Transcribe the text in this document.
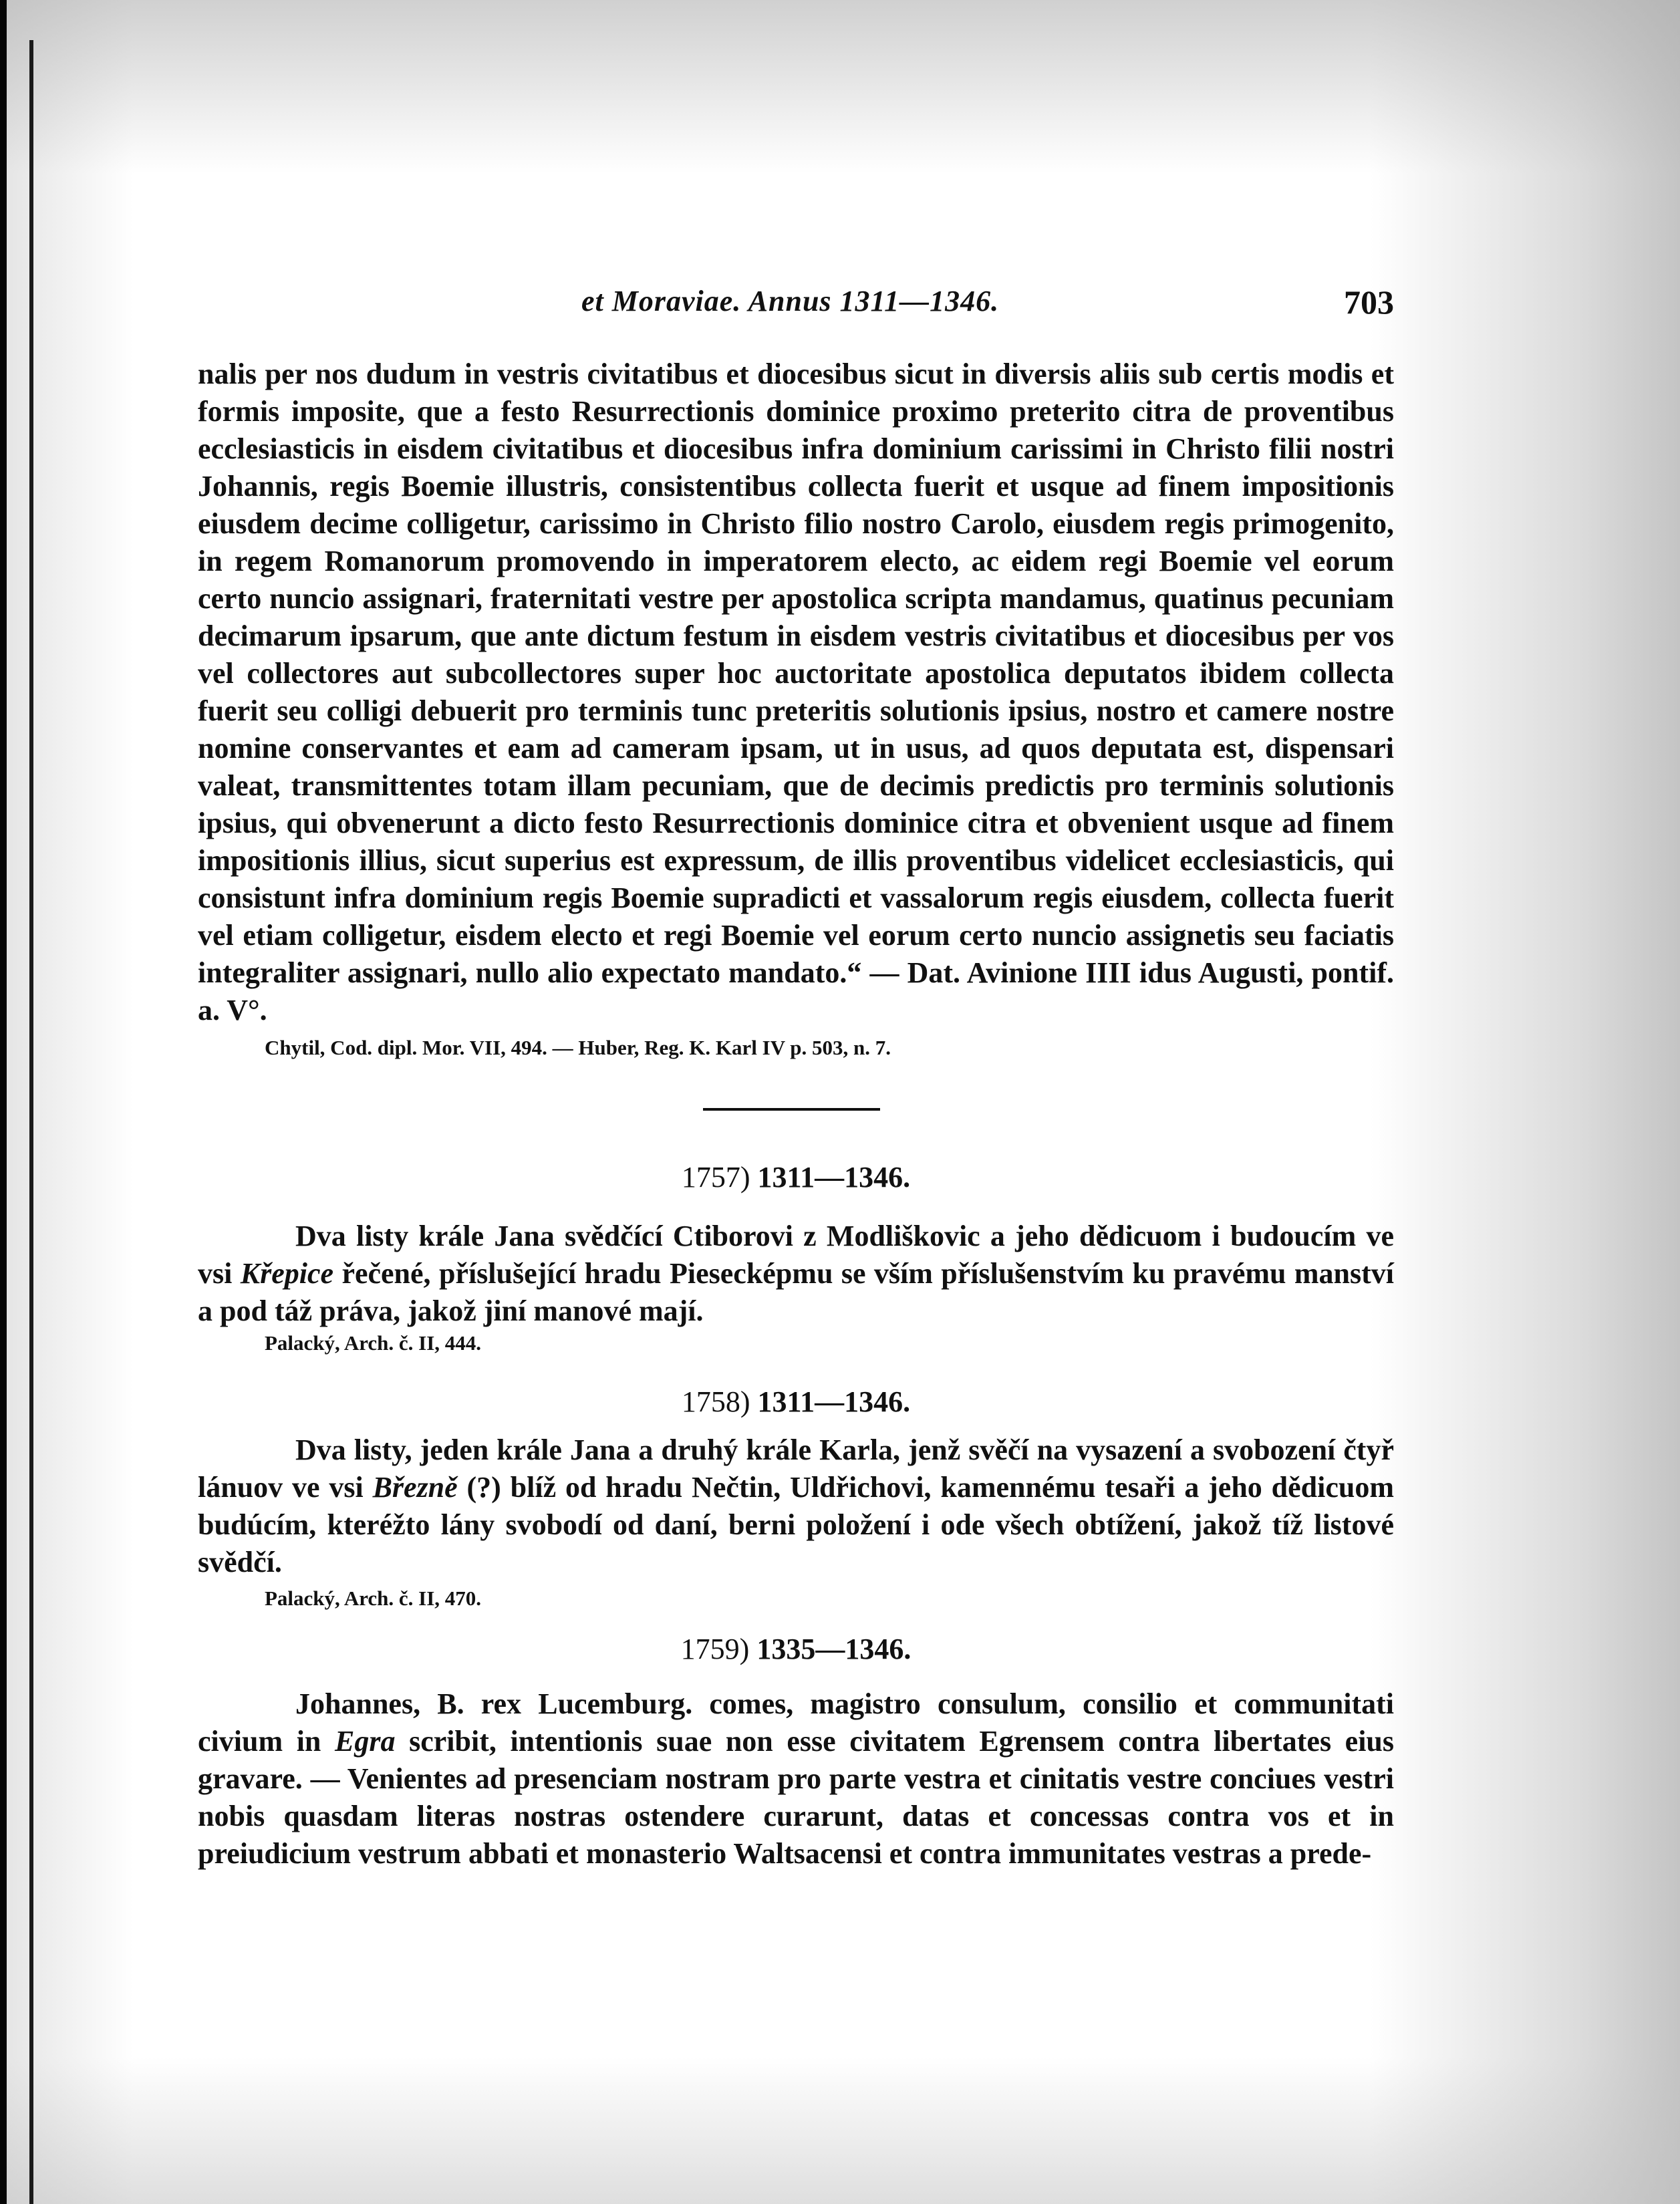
et Moraviae. Annus 1311—1346.	703

nalis per nos dudum in vestris civitatibus et diocesibus sicut in diversis aliis sub certis modis et formis imposite, que a festo Resurrectionis dominice proximo preterito citra de proventibus ecclesiasticis in eisdem civitatibus et diocesibus infra dominium carissimi in Christo filii nostri Johannis, regis Boemie illustris, consistentibus collecta fuerit et usque ad finem impositionis eiusdem decime colligetur, carissimo in Christo filio nostro Carolo, eiusdem regis primogenito, in regem Romanorum promovendo in imperatorem electo, ac eidem regi Boemie vel eorum certo nuncio assignari, fraternitati vestre per apostolica scripta mandamus, quatinus pecuniam decimarum ipsarum, que ante dictum festum in eisdem vestris civitatibus et diocesibus per vos vel collectores aut subcollectores super hoc auctoritate apostolica deputatos ibidem collecta fuerit seu colligi debuerit pro terminis tunc preteritis solutionis ipsius, nostro et camere nostre nomine conservantes et eam ad cameram ipsam, ut in usus, ad quos deputata est, dispensari valeat, transmittentes totam illam pecuniam, que de decimis predictis pro terminis solutionis ipsius, qui obvenerunt a dicto festo Resurrectionis dominice citra et obvenient usque ad finem impositionis illius, sicut superius est expressum, de illis proventibus videlicet ecclesiasticis, qui consistunt infra dominium regis Boemie supradicti et vassalorum regis eiusdem, collecta fuerit vel etiam colligetur, eisdem electo et regi Boemie vel eorum certo nuncio assignetis seu faciatis integraliter assignari, nullo alio expectato mandato.“ — Dat. Avinione IIII idus Augusti, pontif. a. V°.

Chytil, Cod. dipl. Mor. VII, 494. — Huber, Reg. K. Karl IV p. 503, n. 7.

1757) 1311—1346.

Dva listy krále Jana svědčící Ctiborovi z Modliškovic a jeho dědicuom i budoucím ve vsi Křepice řečené, příslušející hradu Piesecképmu se vším příslušenstvím ku pravému manství a pod táž práva, jakož jiní manové mají.

Palacký, Arch. č. II, 444.

1758) 1311—1346.

Dva listy, jeden krále Jana a druhý krále Karla, jenž svěčí na vysazení a svobození čtyř lánuov ve vsi Březně (?) blíž od hradu Nečtin, Uldřichovi, kamennému tesaři a jeho dědicuom budúcím, kteréžto lány svobodí od daní, berni položení i ode všech obtížení, jakož tíž listové svědčí.

Palacký, Arch. č. II, 470.

1759) 1335—1346.

Johannes, B. rex Lucemburg. comes, magistro consulum, consilio et communitati civium in Egra scribit, intentionis suae non esse civitatem Egrensem contra libertates eius gravare. — Venientes ad presenciam nostram pro parte vestra et cinitatis vestre conciues vestri nobis quasdam literas nostras ostendere curarunt, datas et concessas contra vos et in preiudicium vestrum abbati et monasterio Waltsacensi et contra immunitates vestras a prede-
